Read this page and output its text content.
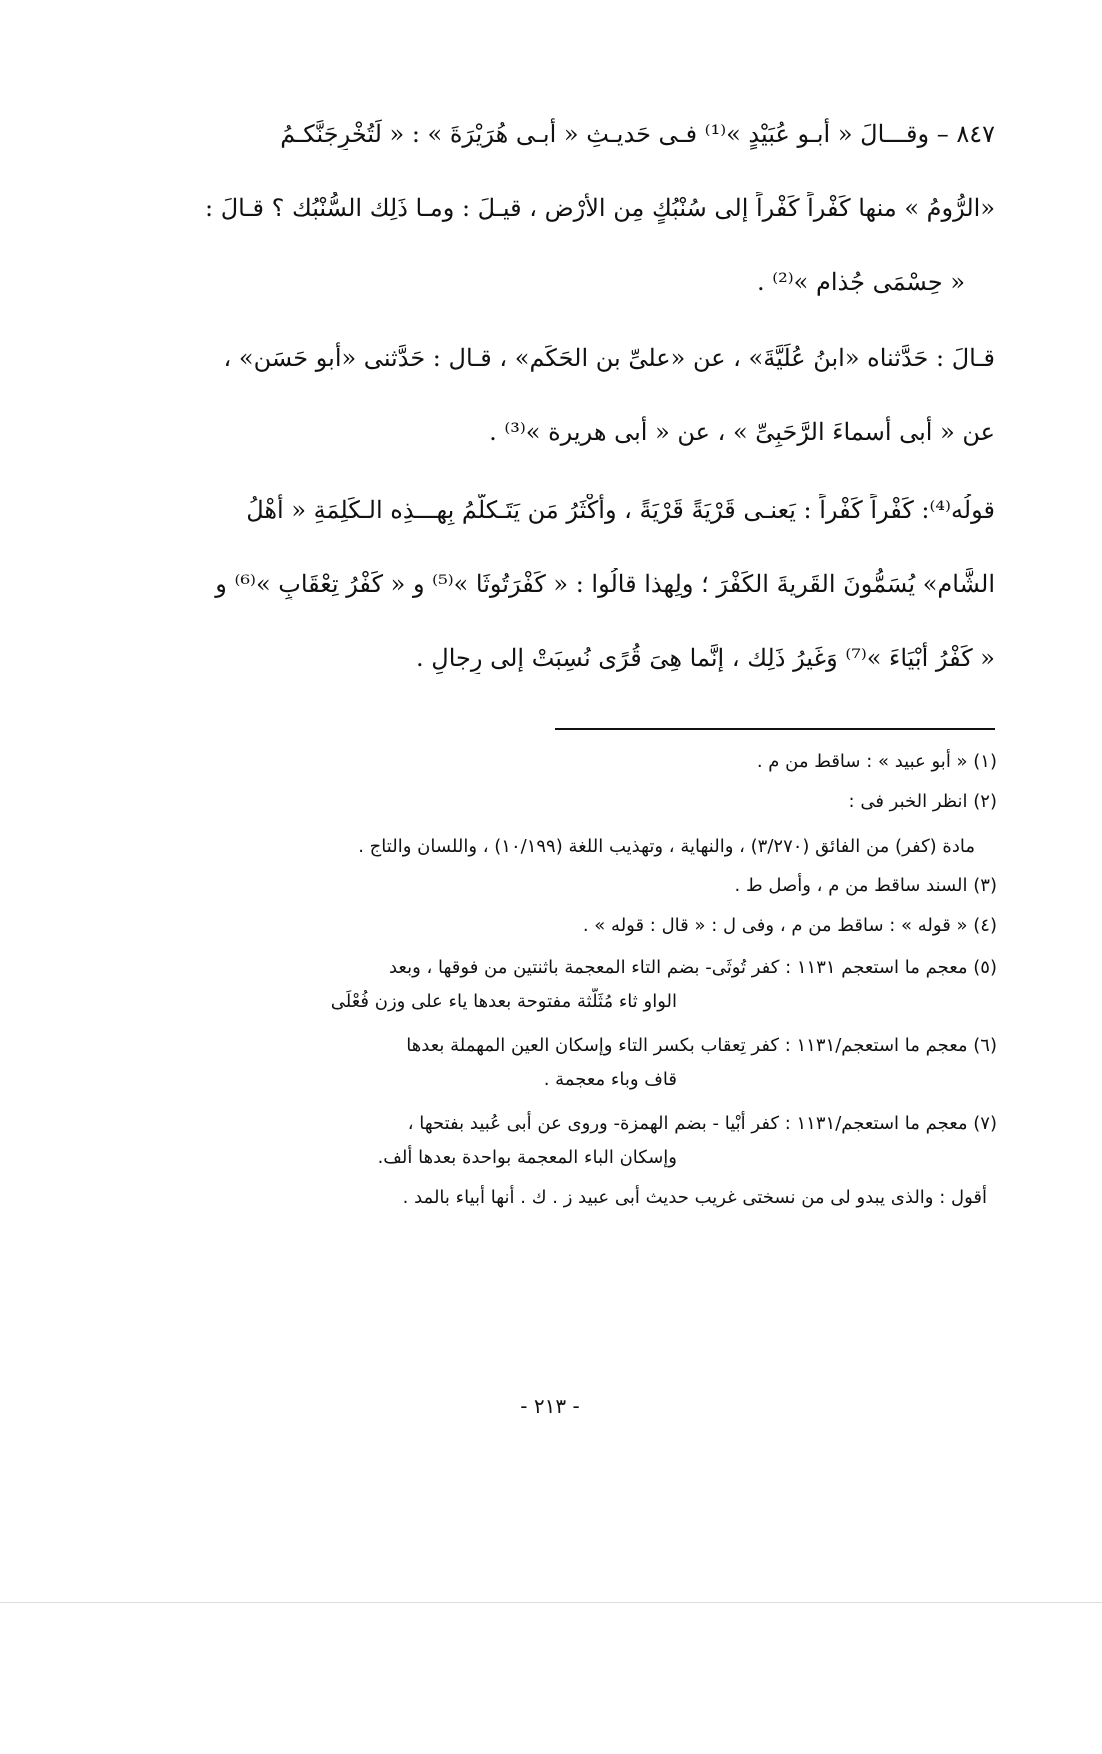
٨٤٧ – وقـــالَ « أبـو عُبَيْدٍ »⁽¹⁾ فـى حَديـثِ « أبـى هُرَيْرَةَ » : « لَتُخْرِجَنَّكـمُ

«الرُّومُ » منها كَفْراً كَفْراً إلى سُنْبُكٍ مِن الأرْضِ ، قيـلَ : ومـا ذَلِك السُّنْبُك ؟ قـالَ :

« حِسْمَى جُذام »⁽²⁾ .

قـالَ : حَدَّثناه «ابنُ عُلَيَّةَ» ، عن «علىِّ بن الحَكَم» ، قـال : حَدَّثنى «أبو حَسَن» ،

عن « أبى أسماءَ الرَّحَبِىِّ » ، عن « أبى هريرة »⁽³⁾ .

قولُه⁽⁴⁾: كَفْراً كَفْراً : يَعنـى قَرْيَةً قَرْيَةً ، وأكْثَرُ مَن يَتَـكلَّمُ بِهـــذِه الـكَلِمَةِ « أهْلُ

الشَّام» يُسَمُّونَ القَريةَ الكَفْرَ ؛ ولِهذا قالُوا : « كَفْرَتُوثَا »⁽⁵⁾ و « كَفْرُ تِعْقَابٍ »⁽⁶⁾ و

« كَفْرُ أبْيَاءَ »⁽⁷⁾ وَغَيرُ ذَلِك ، إنَّما هِىَ قُرًى نُسِبَتْ إلى رِجالٍ .

(١) « أبو عبيد » : ساقط من م .

(٢) انظر الخبر فى :

مادة (كفر) من الفائق (٣/٢٧٠) ، والنهاية ، وتهذيب اللغة (١٠/١٩٩) ، واللسان والتاج .

(٣) السند ساقط من م ، وأصل ط .

(٤) « قوله » : ساقط من م ، وفى ل : « قال : قوله » .

(٥) معجم ما استعجم ١١٣١ : كفر تُوثَى- بضم التاء المعجمة باثنتين من فوقها ، وبعد

الواو ثاء مُثَلَّثة مفتوحة بعدها ياء على وزن فُعْلَى

(٦) معجم ما استعجم/١١٣١ : كفر تِعقاب بكسر التاء وإسكان العين المهملة بعدها

قاف وباء معجمة .

(٧) معجم ما استعجم/١١٣١ : كفر أبْيا - بضم الهمزة- وروى عن أبى عُبيد بفتحها ،

وإسكان الباء المعجمة بواحدة بعدها ألف.

أقول : والذى يبدو لى من نسختى غريب حديث أبى عبيد ز . ك . أنها أبياء بالمد .

- ٢١٣ -
